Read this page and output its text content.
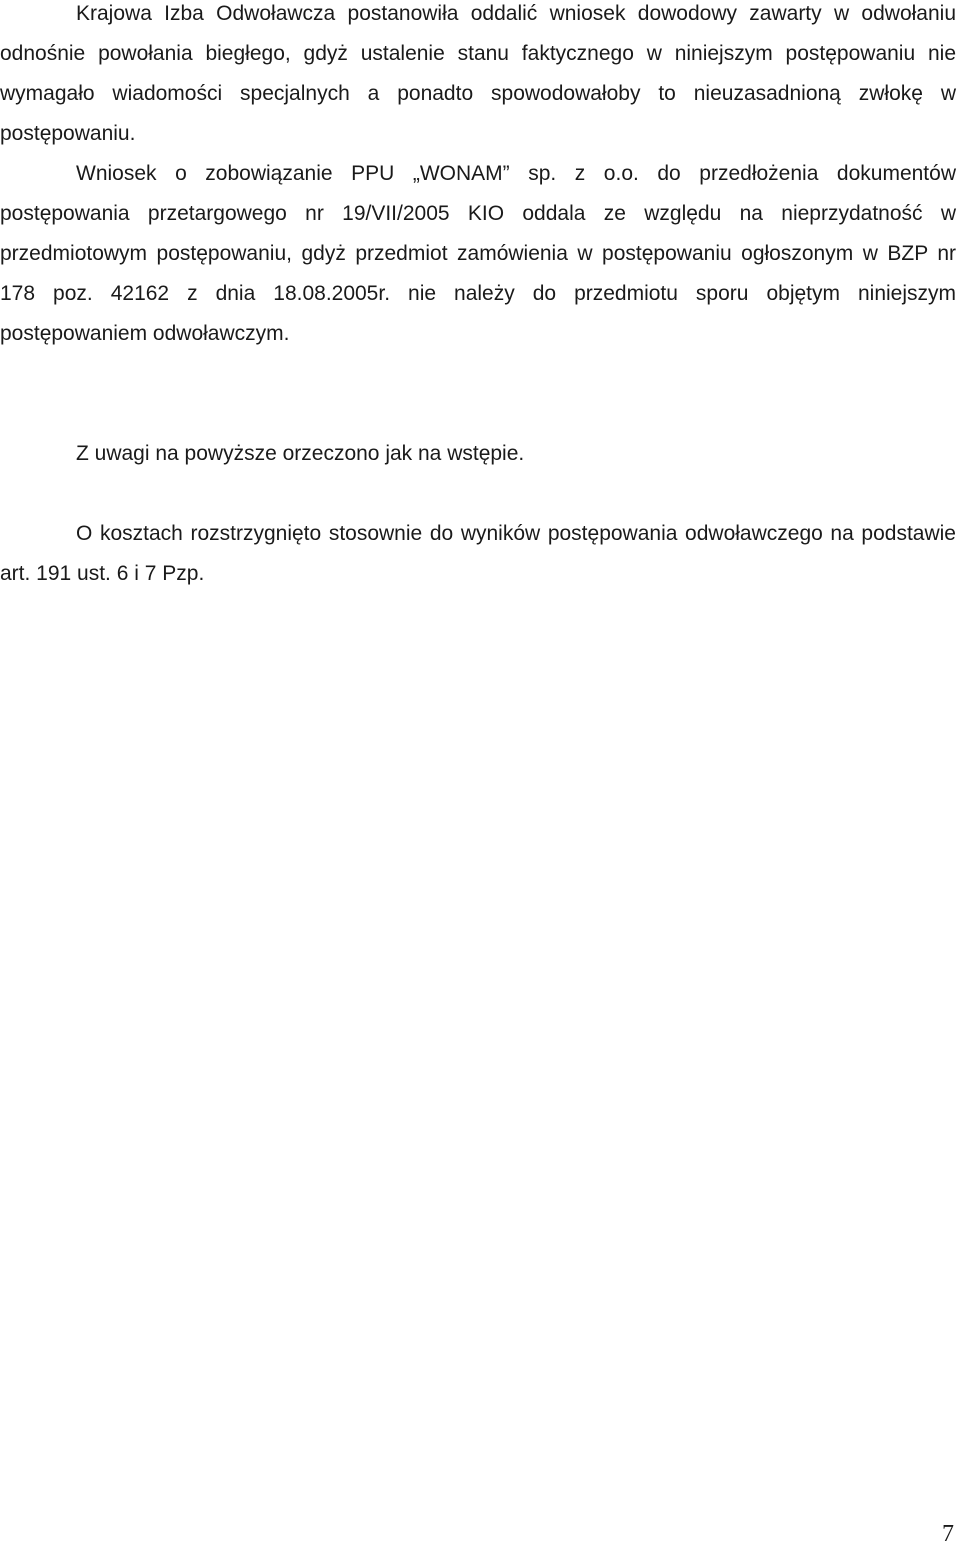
Krajowa Izba Odwoławcza postanowiła oddalić wniosek dowodowy zawarty w odwołaniu odnośnie powołania biegłego, gdyż ustalenie stanu faktycznego w niniejszym postępowaniu nie wymagało wiadomości specjalnych a ponadto spowodowałoby to nieuzasadnioną zwłokę w postępowaniu.

Wniosek o zobowiązanie PPU „WONAM” sp. z o.o. do przedłożenia dokumentów postępowania przetargowego nr 19/VII/2005 KIO oddala ze względu na nieprzydatność w przedmiotowym postępowaniu, gdyż przedmiot zamówienia w postępowaniu ogłoszonym w BZP nr 178 poz. 42162 z dnia 18.08.2005r. nie należy do przedmiotu sporu objętym niniejszym postępowaniem odwoławczym.

Z uwagi na powyższe orzeczono jak na wstępie.

O kosztach rozstrzygnięto stosownie do wyników postępowania odwoławczego na podstawie art. 191 ust. 6 i 7 Pzp.

7
